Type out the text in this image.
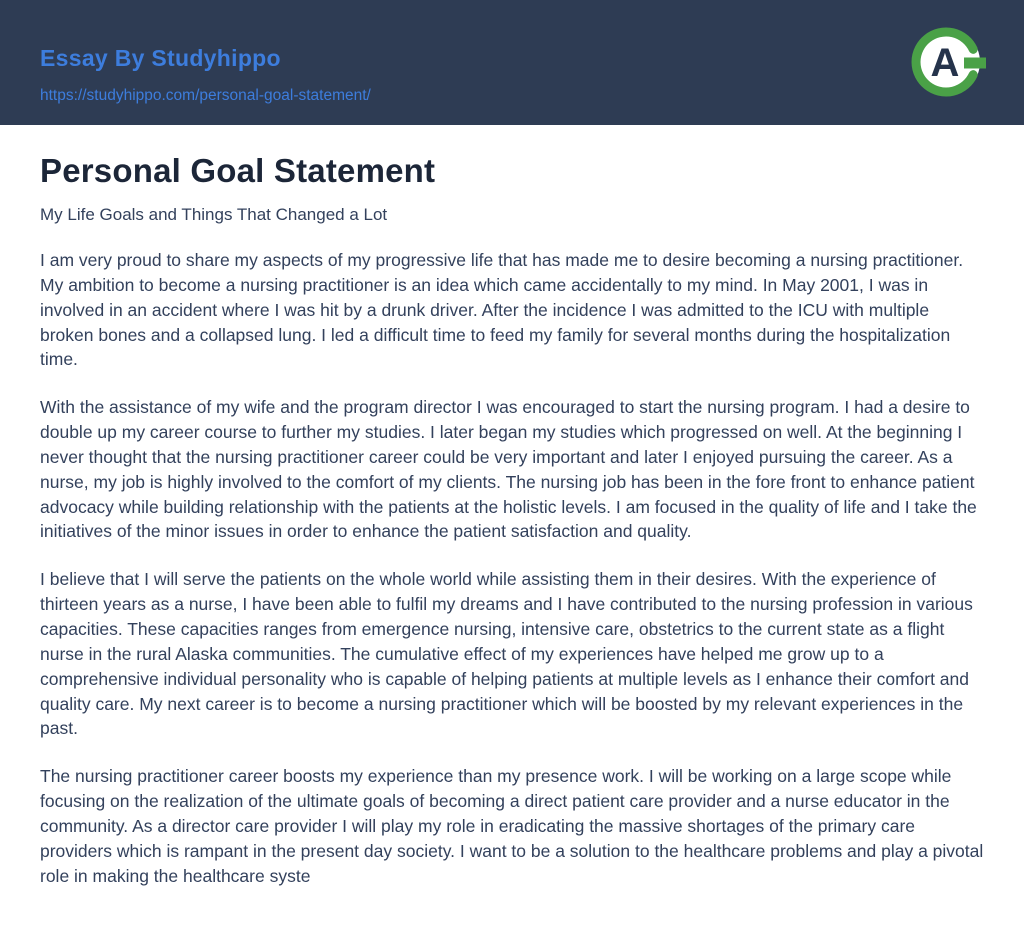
Essay By Studyhippo
https://studyhippo.com/personal-goal-statement/
A
Personal Goal Statement
My Life Goals and Things That Changed a Lot

I am very proud to share my aspects of my progressive life that has made me to desire becoming a nursing practitioner. My ambition to become a nursing practitioner is an idea which came accidentally to my mind. In May 2001, I was in involved in an accident where I was hit by a drunk driver. After the incidence I was admitted to the ICU with multiple broken bones and a collapsed lung. I led a difficult time to feed my family for several months during the hospitalization time.

With the assistance of my wife and the program director I was encouraged to start the nursing program. I had a desire to double up my career course to further my studies. I later began my studies which progressed on well. At the beginning I never thought that the nursing practitioner career could be very important and later I enjoyed pursuing the career. As a nurse, my job is highly involved to the comfort of my clients. The nursing job has been in the fore front to enhance patient advocacy while building relationship with the patients at the holistic levels. I am focused in the quality of life and I take the initiatives of the minor issues in order to enhance the patient satisfaction and quality.

I believe that I will serve the patients on the whole world while assisting them in their desires. With the experience of thirteen years as a nurse, I have been able to fulfil my dreams and I have contributed to the nursing profession in various capacities. These capacities ranges from emergence nursing, intensive care, obstetrics to the current state as a flight nurse in the rural Alaska communities. The cumulative effect of my experiences have helped me grow up to a comprehensive individual personality who is capable of helping patients at multiple levels as I enhance their comfort and quality care. My next career is to become a nursing practitioner which will be boosted by my relevant experiences in the past.

The nursing practitioner career boosts my experience than my presence work. I will be working on a large scope while focusing on the realization of the ultimate goals of becoming a direct patient care provider and a nurse educator in the community. As a director care provider I will play my role in eradicating the massive shortages of the primary care providers which is rampant in the present day society. I want to be a solution to the healthcare problems and play a pivotal role in making the healthcare syste
